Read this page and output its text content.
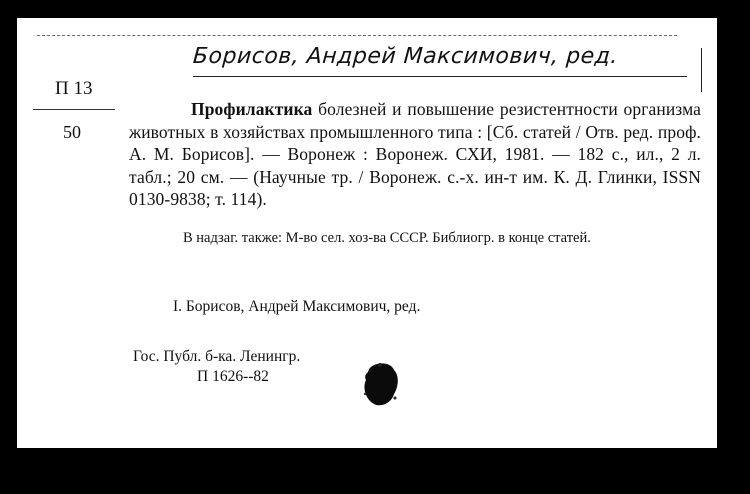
Борисов, Андрей Максимович, ред.
П 13
50
Профилактика болезней и повышение резистентности организма животных в хозяйствах промышленного типа : [Сб. статей / Отв. ред. проф. А. М. Борисов]. — Воронеж : Воронеж. СХИ, 1981. — 182 с., ил., 2 л. табл.; 20 см. — (Научные тр. / Воронеж. с.-х. ин-т им. К. Д. Глинки, ISSN 0130-9838; т. 114).
В надзаг. также: М-во сел. хоз-ва СССР. Библиогр. в конце статей.
I. Борисов, Андрей Максимович, ред.
Гос. Публ. б-ка. Ленингр.
П 1626--82
